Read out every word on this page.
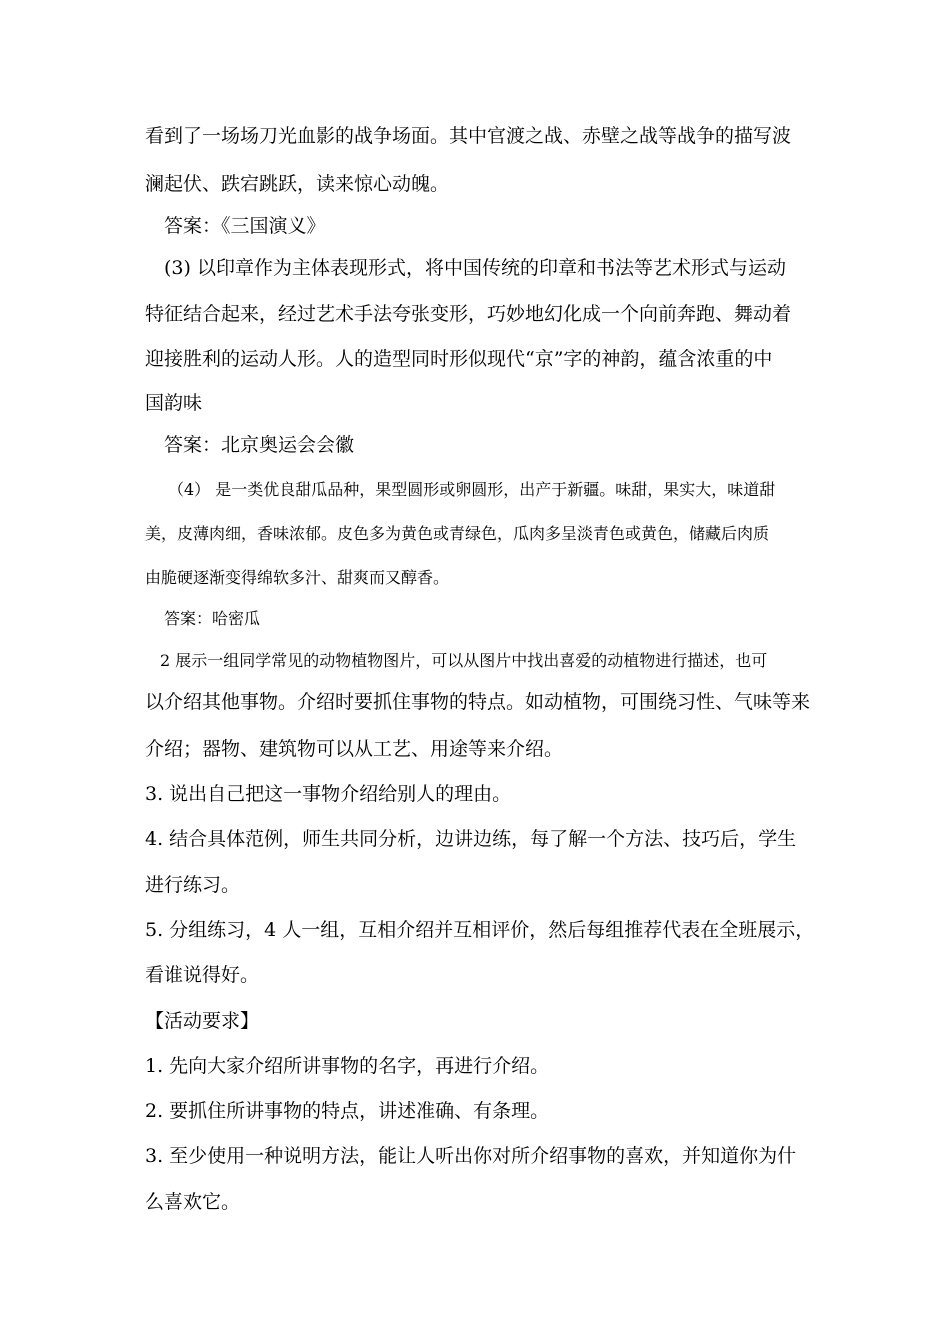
看到了一场场刀光血影的战争场面。其中官渡之战、赤壁之战等战争的描写波
澜起伏、跌宕跳跃，读来惊心动魄。
答案：《三国演义》
(3) 以印章作为主体表现形式，将中国传统的印章和书法等艺术形式与运动
特征结合起来，经过艺术手法夸张变形，巧妙地幻化成一个向前奔跑、舞动着
迎接胜利的运动人形。人的造型同时形似现代“京”字的神韵，蕴含浓重的中
国韵味
答案：北京奥运会会徽
（4） 是一类优良甜瓜品种，果型圆形或卵圆形，出产于新疆。味甜，果实大，味道甜
美，皮薄肉细，香味浓郁。皮色多为黄色或青绿色，瓜肉多呈淡青色或黄色，储藏后肉质
由脆硬逐渐变得绵软多汁、甜爽而又醇香。
答案：哈密瓜
2 展示一组同学常见的动物植物图片，可以从图片中找出喜爱的动植物进行描述，也可
以介绍其他事物。介绍时要抓住事物的特点。如动植物，可围绕习性、气味等来
介绍；器物、建筑物可以从工艺、用途等来介绍。
3. 说出自己把这一事物介绍给别人的理由。
4. 结合具体范例，师生共同分析，边讲边练，每了解一个方法、技巧后，学生
进行练习。
5. 分组练习，4 人一组，互相介绍并互相评价，然后每组推荐代表在全班展示，
看谁说得好。
【活动要求】
1. 先向大家介绍所讲事物的名字，再进行介绍。
2. 要抓住所讲事物的特点，讲述准确、有条理。
3. 至少使用一种说明方法，能让人听出你对所介绍事物的喜欢，并知道你为什
么喜欢它。
